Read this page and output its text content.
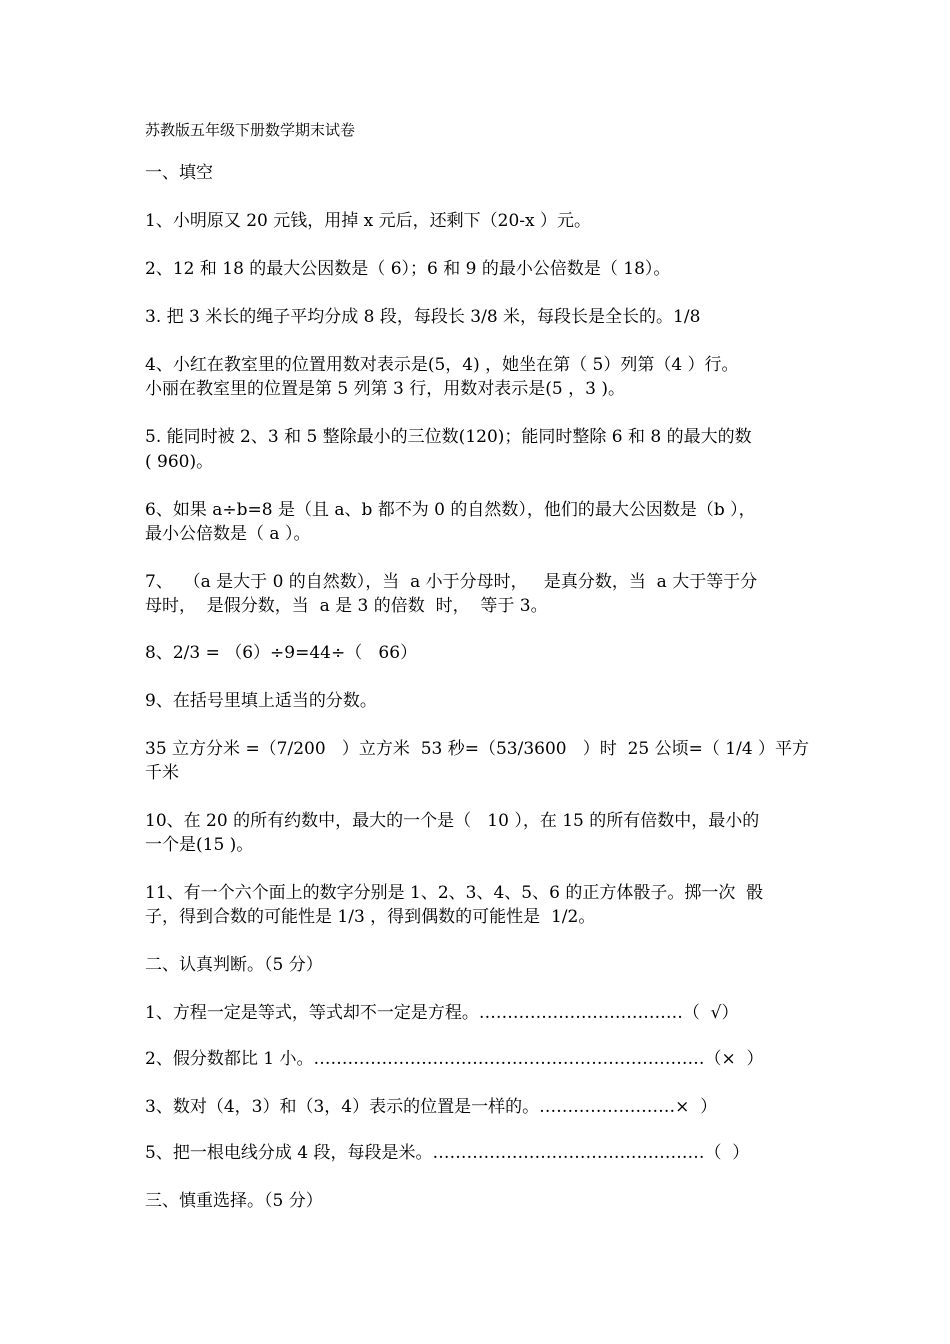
苏教版五年级下册数学期末试卷
一、填空
1、小明原又 20 元钱，用掉 x 元后，还剩下（20-x ）元。
2、12 和 18 的最大公因数是（ 6）；6 和 9 的最小公倍数是（ 18）。
3. 把 3 米长的绳子平均分成 8 段，每段长 3/8 米，每段长是全长的。1/8
4、小红在教室里的位置用数对表示是(5，4) ，她坐在第（ 5）列第（4 ）行。
小丽在教室里的位置是第 5 列第 3 行，用数对表示是(5 ，3 )。
5. 能同时被 2、3 和 5 整除最小的三位数(120)；能同时整除 6 和 8 的最大的数
( 960)。
6、如果 a÷b=8 是（且 a、b 都不为 0 的自然数），他们的最大公因数是（b ），
最小公倍数是（ a ）。
7、  （a 是大于 0 的自然数），当  a 小于分母时，   是真分数，当  a 大于等于分
母时，  是假分数，当  a 是 3 的倍数  时，  等于 3。
8、2/3 = （6）÷9=44÷（   66）
9、在括号里填上适当的分数。
35 立方分米 =（7/200   ）立方米  53 秒=（53/3600   ）时  25 公顷=（ 1/4 ）平方
千米
10、在 20 的所有约数中，最大的一个是（   10 ），在 15 的所有倍数中，最小的
一个是(15 )。
11、有一个六个面上的数字分别是 1、2、3、4、5、6 的正方体骰子。掷一次  骰
子，得到合数的可能性是 1/3 ，得到偶数的可能性是  1/2。
二、认真判断。（5 分）
1、方程一定是等式，等式却不一定是方程。………………………………（  √）
2、假分数都比 1 小。……………………………………………………………（×  ）
3、数对（4，3）和（3，4）表示的位置是一样的。……………………×  ）
5、把一根电线分成 4 段，每段是米。…………………………………………（  ）
三、慎重选择。（5 分）
